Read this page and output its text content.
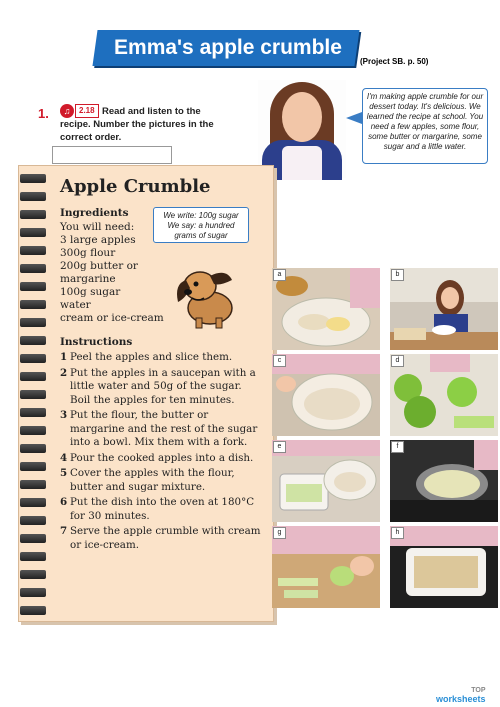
Emma's apple crumble
(Project SB. p. 50)
1.	Read and listen to the recipe. Number the pictures in the correct order.
♫	2.18
I'm making apple crumble for our dessert today. It's delicious. We learned the recipe at school. You need a few apples, some flour, some butter or margarine, some sugar and a little water.
Apple Crumble
Ingredients
You will need:
3 large apples
300g flour
200g butter or
margarine
100g sugar
water
cream or ice-cream
We write: 100g sugar
We say: a hundred
grams of sugar
Instructions
1 Peel the apples and slice them.
2 Put the apples in a saucepan with a little water and 50g of the sugar. Boil the apples for ten minutes.
3 Put the flour, the butter or margarine and the rest of the sugar into a bowl. Mix them with a fork.
4 Pour the cooked apples into a dish.
5 Cover the apples with the flour, butter and sugar mixture.
6 Put the dish into the oven at 180°C for 30 minutes.
7 Serve the apple crumble with cream or ice-cream.
a	b
c	d
e	f
g	h
TOP
worksheets
